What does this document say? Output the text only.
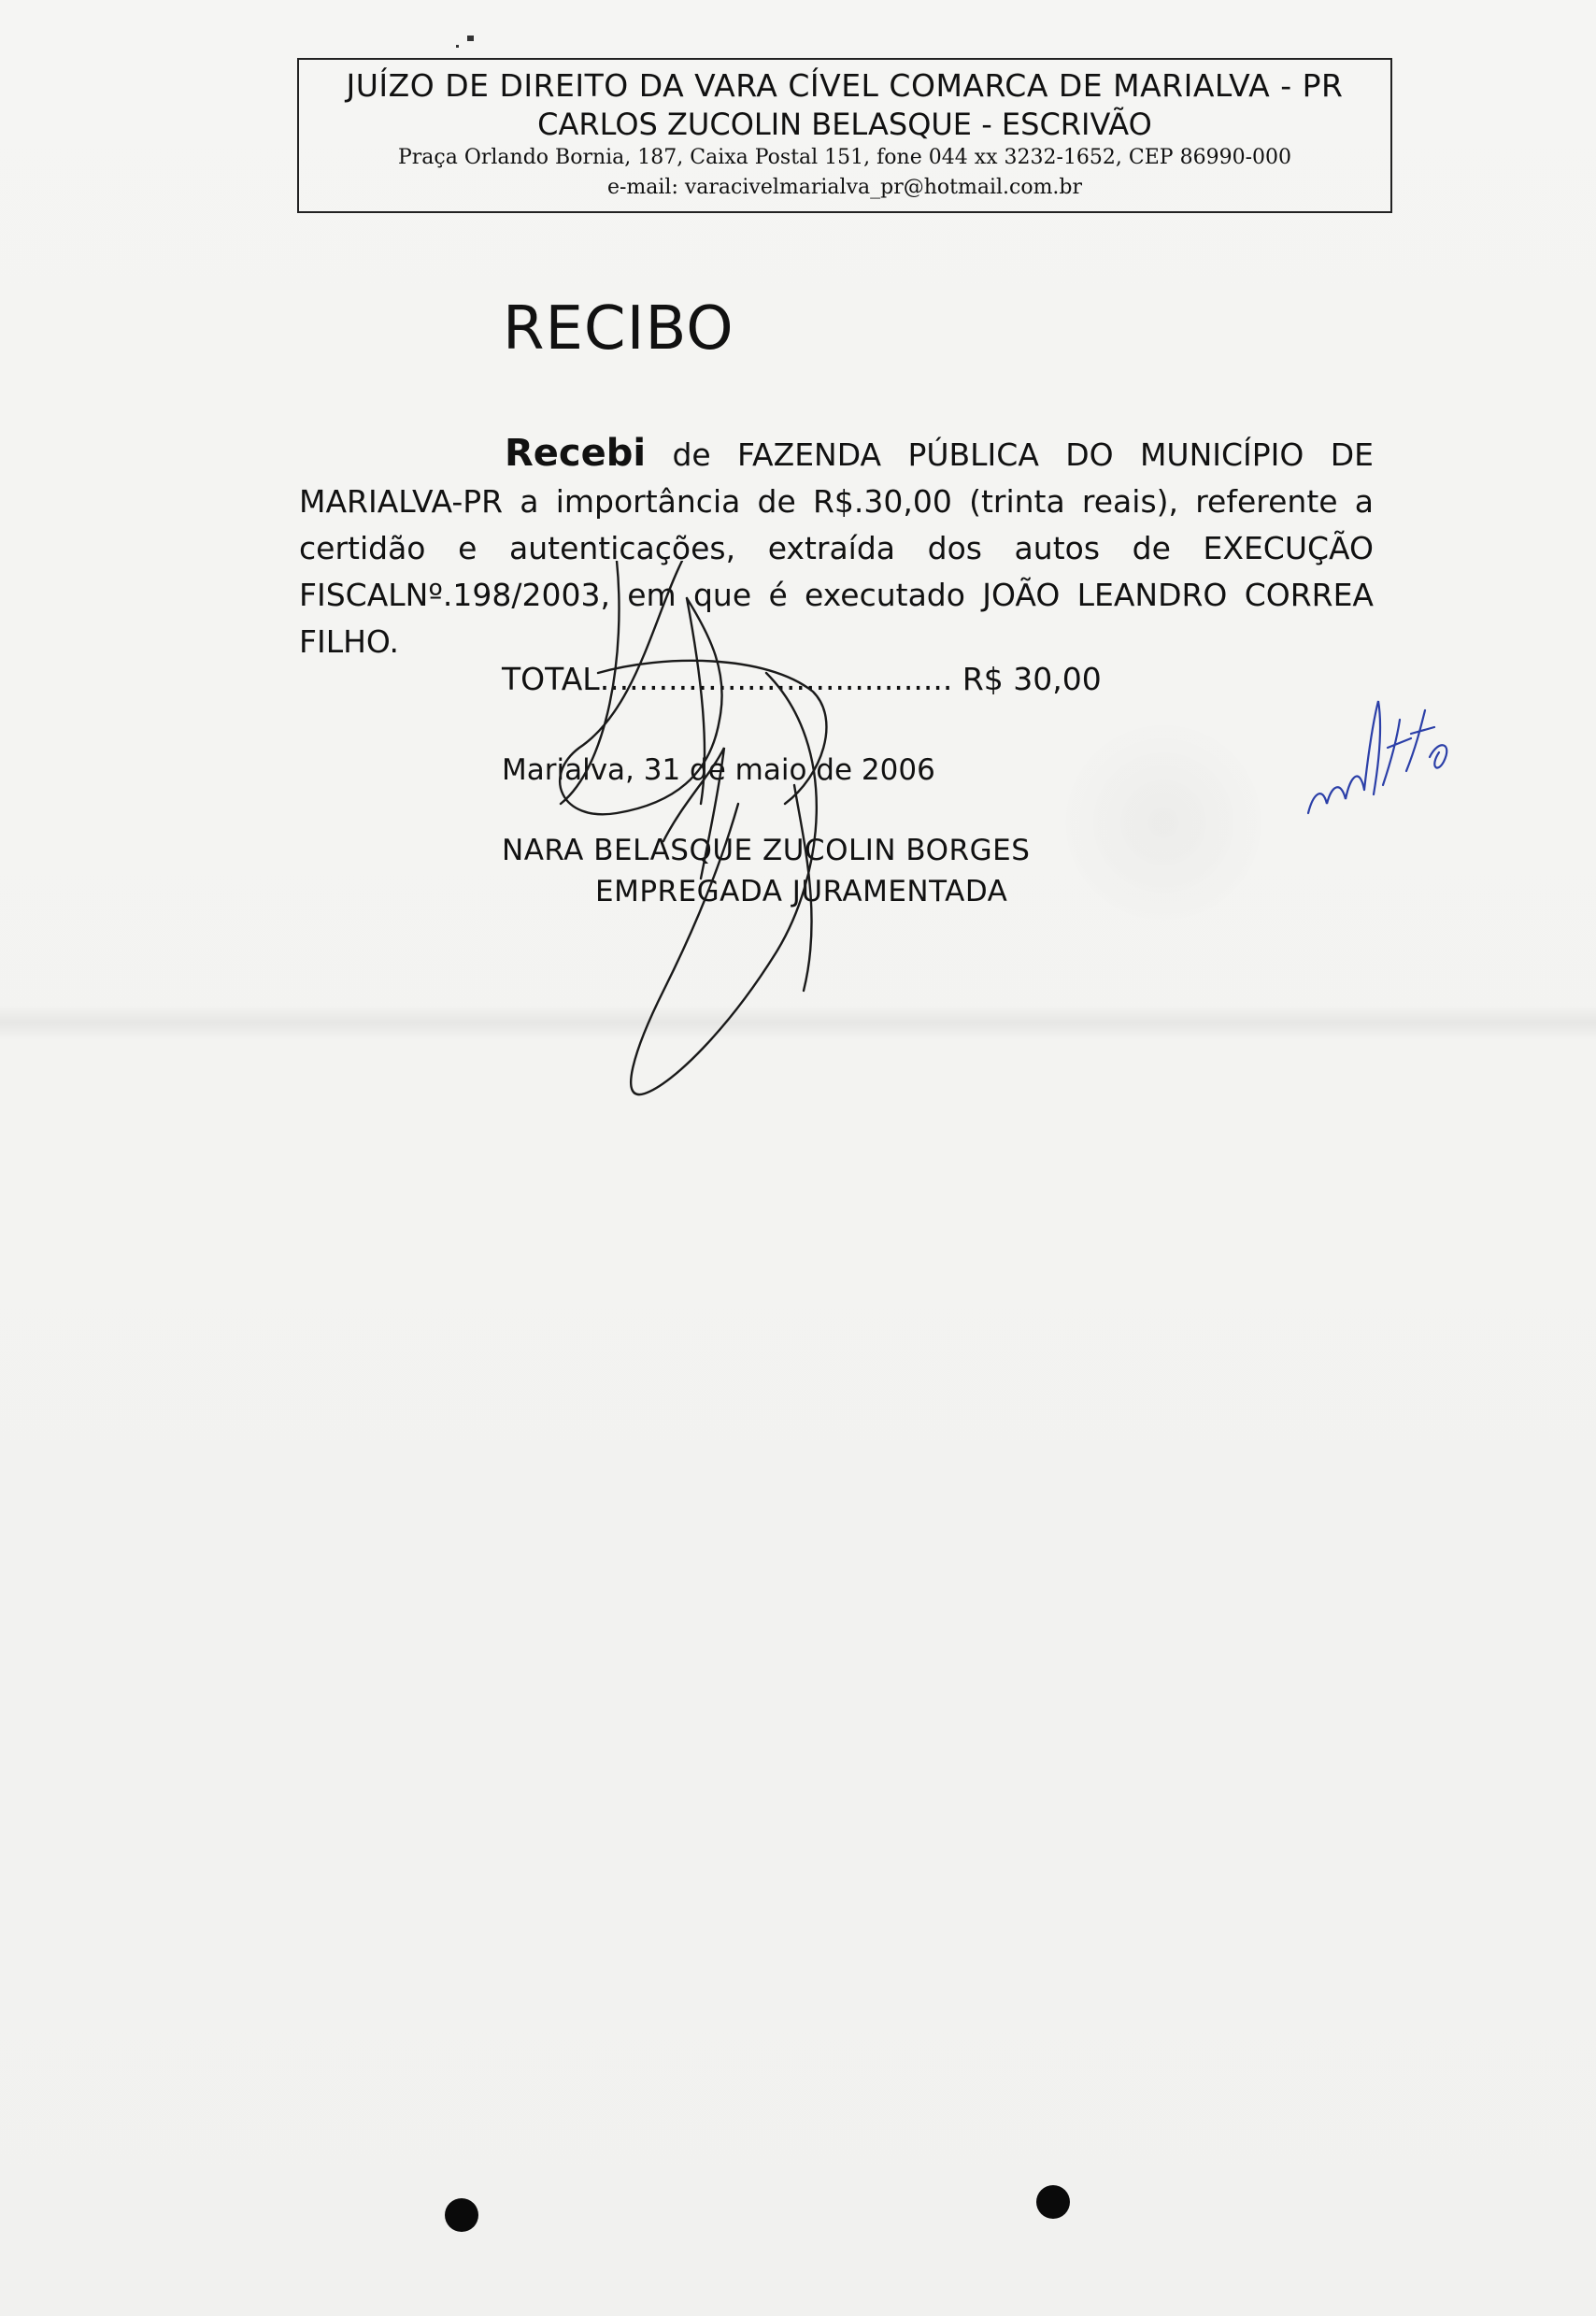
JUÍZO DE DIREITO DA VARA CÍVEL COMARCA DE MARIALVA - PR
CARLOS ZUCOLIN BELASQUE - ESCRIVÃO
Praça Orlando Bornia, 187, Caixa Postal 151, fone 044 xx 3232-1652, CEP 86990-000
e-mail: varacivelmarialva_pr@hotmail.com.br
RECIBO
Recebi de FAZENDA PÚBLICA DO MUNICÍPIO DE MARIALVA-PR a importância de R$.30,00 (trinta reais), referente a certidão e autenticações, extraída dos autos de EXECUÇÃO FISCALNº.198/2003, em que é executado JOÃO LEANDRO CORREA FILHO.
TOTAL.................................... R$ 30,00
Marialva, 31 de maio de 2006
NARA BELASQUE ZUCOLIN BORGES
EMPREGADA JURAMENTADA
